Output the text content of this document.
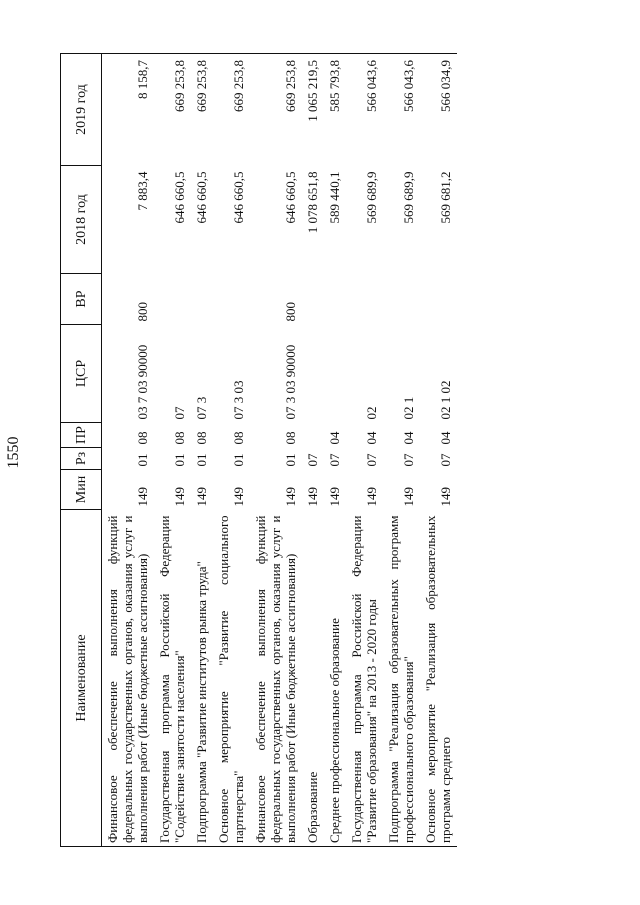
1550
Наименование	Мин	Рз	ПР	ЦСР	ВР	2018 год	2019 год
Финансовое обеспечение выполнения функций федеральных государственных органов, оказания услуг и выполнения работ (Иные бюджетные ассигнования)	149	01	08	03 7 03 90000	800	7 883,4	8 158,7
Государственная программа Российской Федерации "Содействие занятости населения"	149	01	08	07		646 660,5	669 253,8
Подпрограмма "Развитие институтов рынка труда"	149	01	08	07 3		646 660,5	669 253,8
Основное мероприятие "Развитие социального партнерства"	149	01	08	07 3 03		646 660,5	669 253,8
Финансовое обеспечение выполнения функций федеральных государственных органов, оказания услуг и выполнения работ (Иные бюджетные ассигнования)	149	01	08	07 3 03 90000	800	646 660,5	669 253,8
Образование	149	07				1 078 651,8	1 065 219,5
Среднее профессиональное образование	149	07	04			589 440,1	585 793,8
Государственная программа Российской Федерации "Развитие образования" на 2013 - 2020 годы	149	07	04	02		569 689,9	566 043,6
Подпрограмма "Реализация образовательных программ профессионального образования"	149	07	04	02 1		569 689,9	566 043,6
Основное мероприятие "Реализация образовательных программ среднего	149	07	04	02 1 02		569 681,2	566 034,9
